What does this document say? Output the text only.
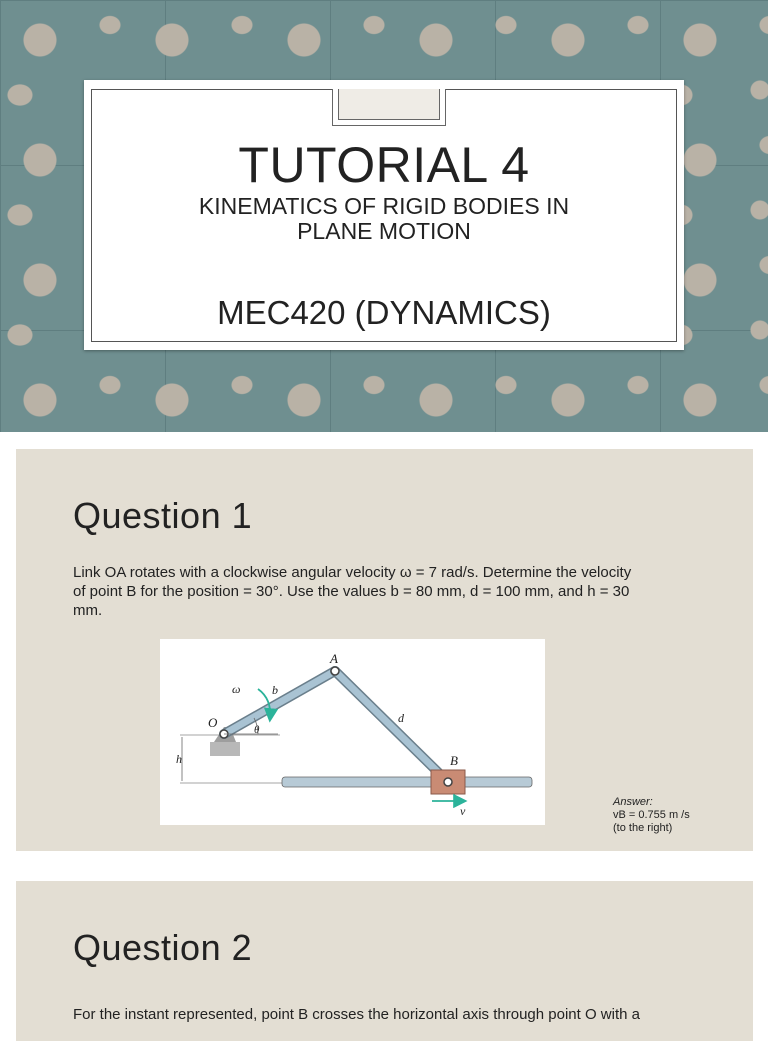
TUTORIAL 4
KINEMATICS OF RIGID BODIES IN PLANE MOTION
MEC420 (DYNAMICS)
Question 1
Link OA rotates with a clockwise angular velocity ω = 7 rad/s. Determine the velocity of point B for the position = 30°. Use the values b = 80 mm, d = 100 mm, and h = 30 mm.
A
B
O
b
d
h
ω
θ
v
Answer:
vB = 0.755 m /s
(to the right)
Question 2
For the instant represented, point B crosses the horizontal axis through point O with a
